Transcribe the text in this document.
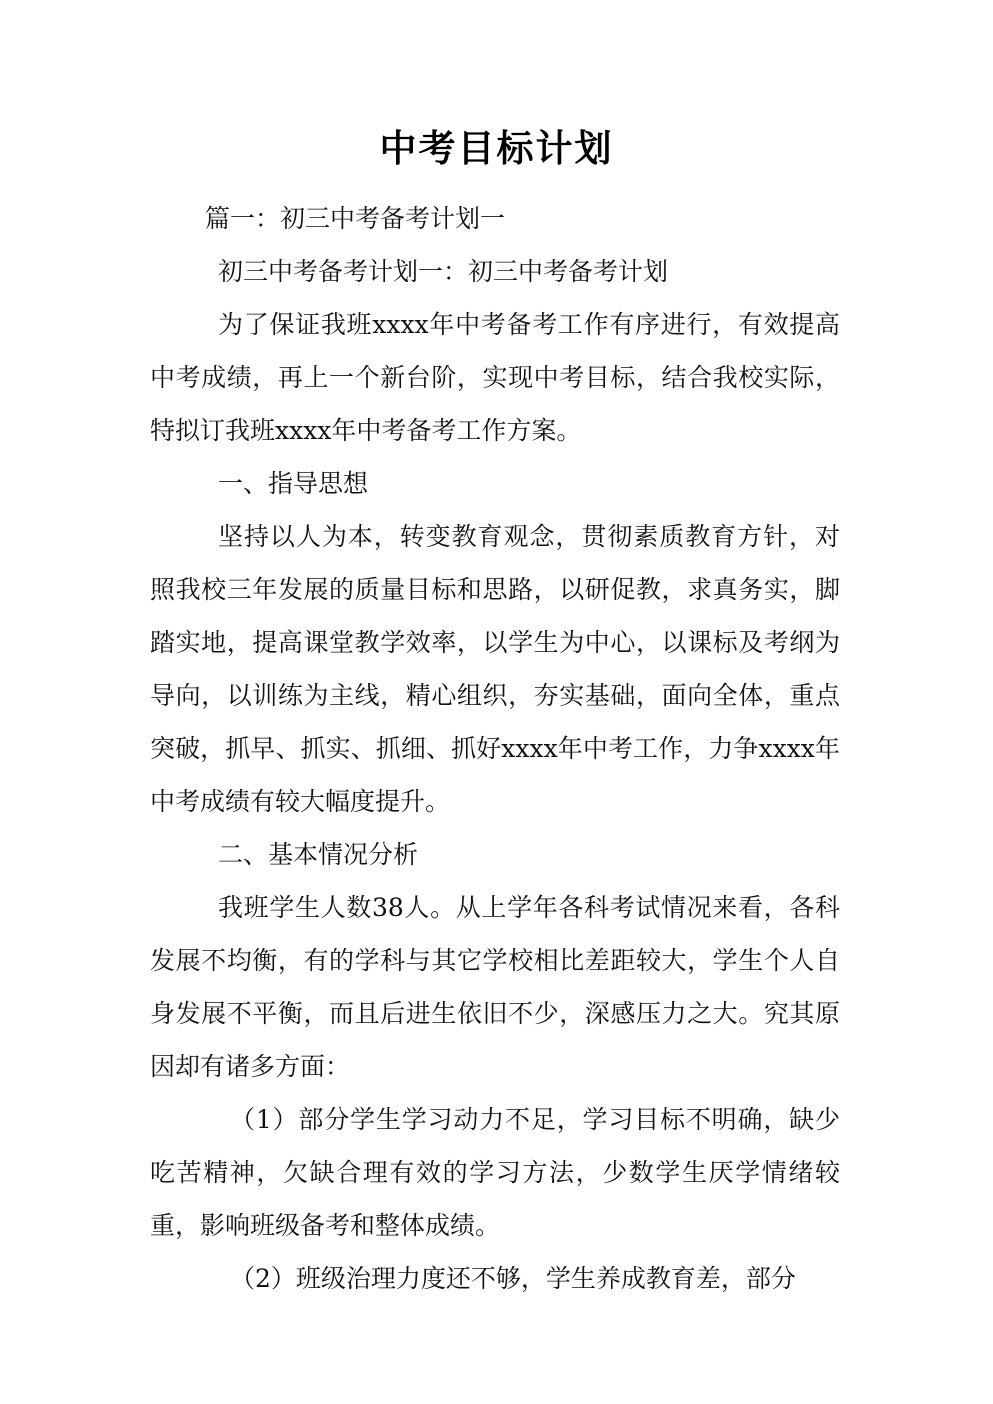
中考目标计划

篇一：初三中考备考计划一

初三中考备考计划一：初三中考备考计划

为了保证我班xxxx年中考备考工作有序进行，有效提高中考成绩，再上一个新台阶，实现中考目标，结合我校实际，特拟订我班xxxx年中考备考工作方案。

一、指导思想

坚持以人为本，转变教育观念，贯彻素质教育方针，对照我校三年发展的质量目标和思路，以研促教，求真务实，脚踏实地，提高课堂教学效率，以学生为中心，以课标及考纲为导向，以训练为主线，精心组织，夯实基础，面向全体，重点突破，抓早、抓实、抓细、抓好xxxx年中考工作，力争xxxx年中考成绩有较大幅度提升。

二、基本情况分析

我班学生人数38人。从上学年各科考试情况来看，各科发展不均衡，有的学科与其它学校相比差距较大，学生个人自身发展不平衡，而且后进生依旧不少，深感压力之大。究其原因却有诸多方面：

（1）部分学生学习动力不足，学习目标不明确，缺少吃苦精神，欠缺合理有效的学习方法，少数学生厌学情绪较重，影响班级备考和整体成绩。

（2）班级治理力度还不够，学生养成教育差，部分
